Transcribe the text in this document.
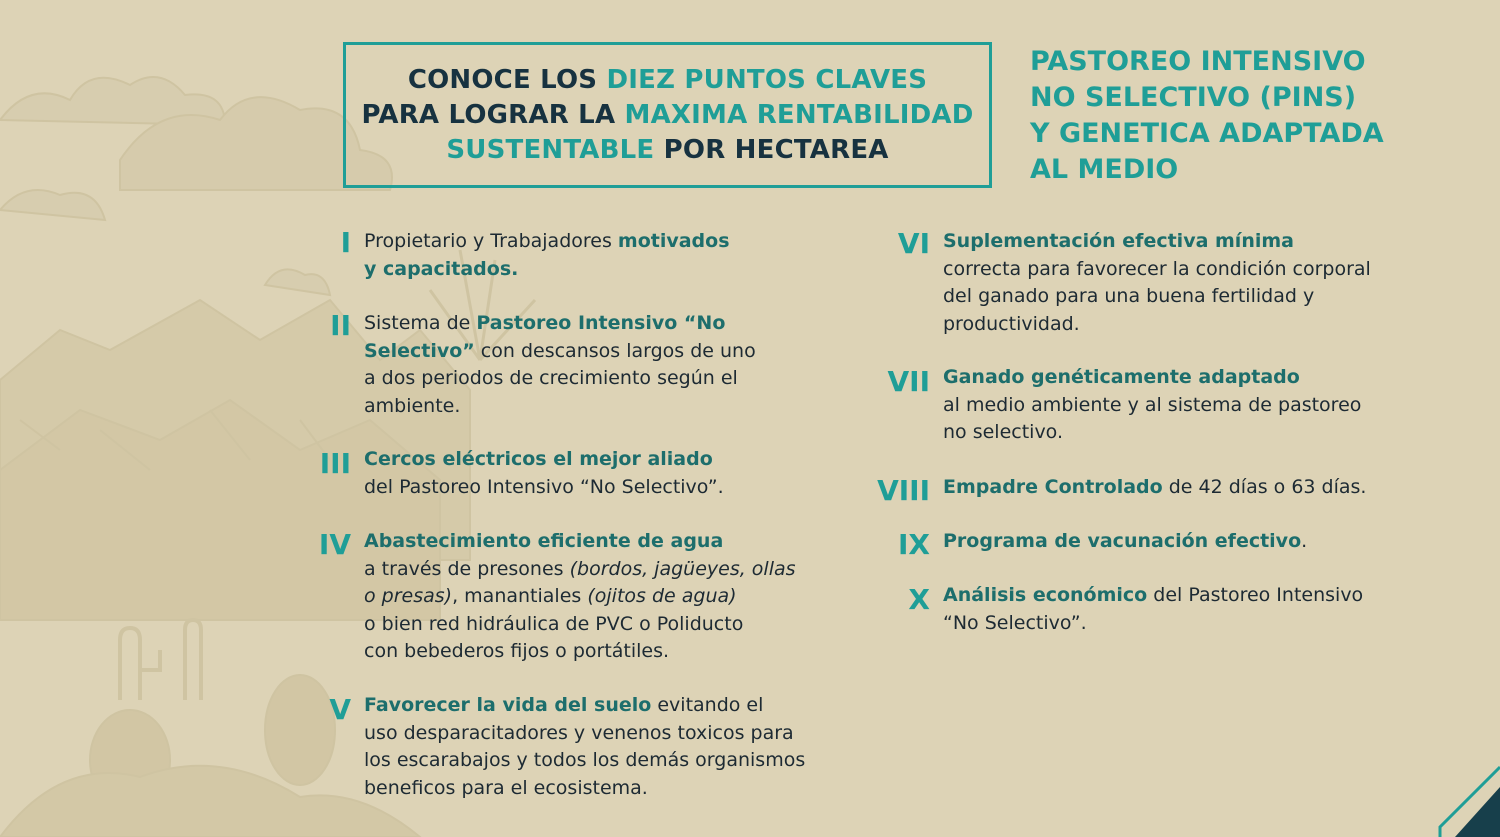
CONOCE LOS DIEZ PUNTOS CLAVES
PARA LOGRAR LA MAXIMA RENTABILIDAD
SUSTENTABLE POR HECTAREA
PASTOREO INTENSIVO
NO SELECTIVO (PINS)
Y GENETICA ADAPTADA
AL MEDIO
I Propietario y Trabajadores motivados
y capacitados.
II Sistema de Pastoreo Intensivo “No
Selectivo” con descansos largos de uno
a dos periodos de crecimiento según el
ambiente.
III Cercos eléctricos el mejor aliado
del Pastoreo Intensivo “No Selectivo”.
IV Abastecimiento eficiente de agua
a través de presones (bordos, jagüeyes, ollas
o presas), manantiales (ojitos de agua)
o bien red hidráulica de PVC o Poliducto
con bebederos fijos o portátiles.
V Favorecer la vida del suelo evitando el
uso desparacitadores y venenos toxicos para
los escarabajos y todos los demás organismos
beneficos para el ecosistema.
VI Suplementación efectiva mínima
correcta para favorecer la condición corporal
del ganado para una buena fertilidad y
productividad.
VII Ganado genéticamente adaptado
al medio ambiente y al sistema de pastoreo
no selectivo.
VIII Empadre Controlado de 42 días o 63 días.
IX Programa de vacunación efectivo.
X Análisis económico del Pastoreo Intensivo
“No Selectivo”.
